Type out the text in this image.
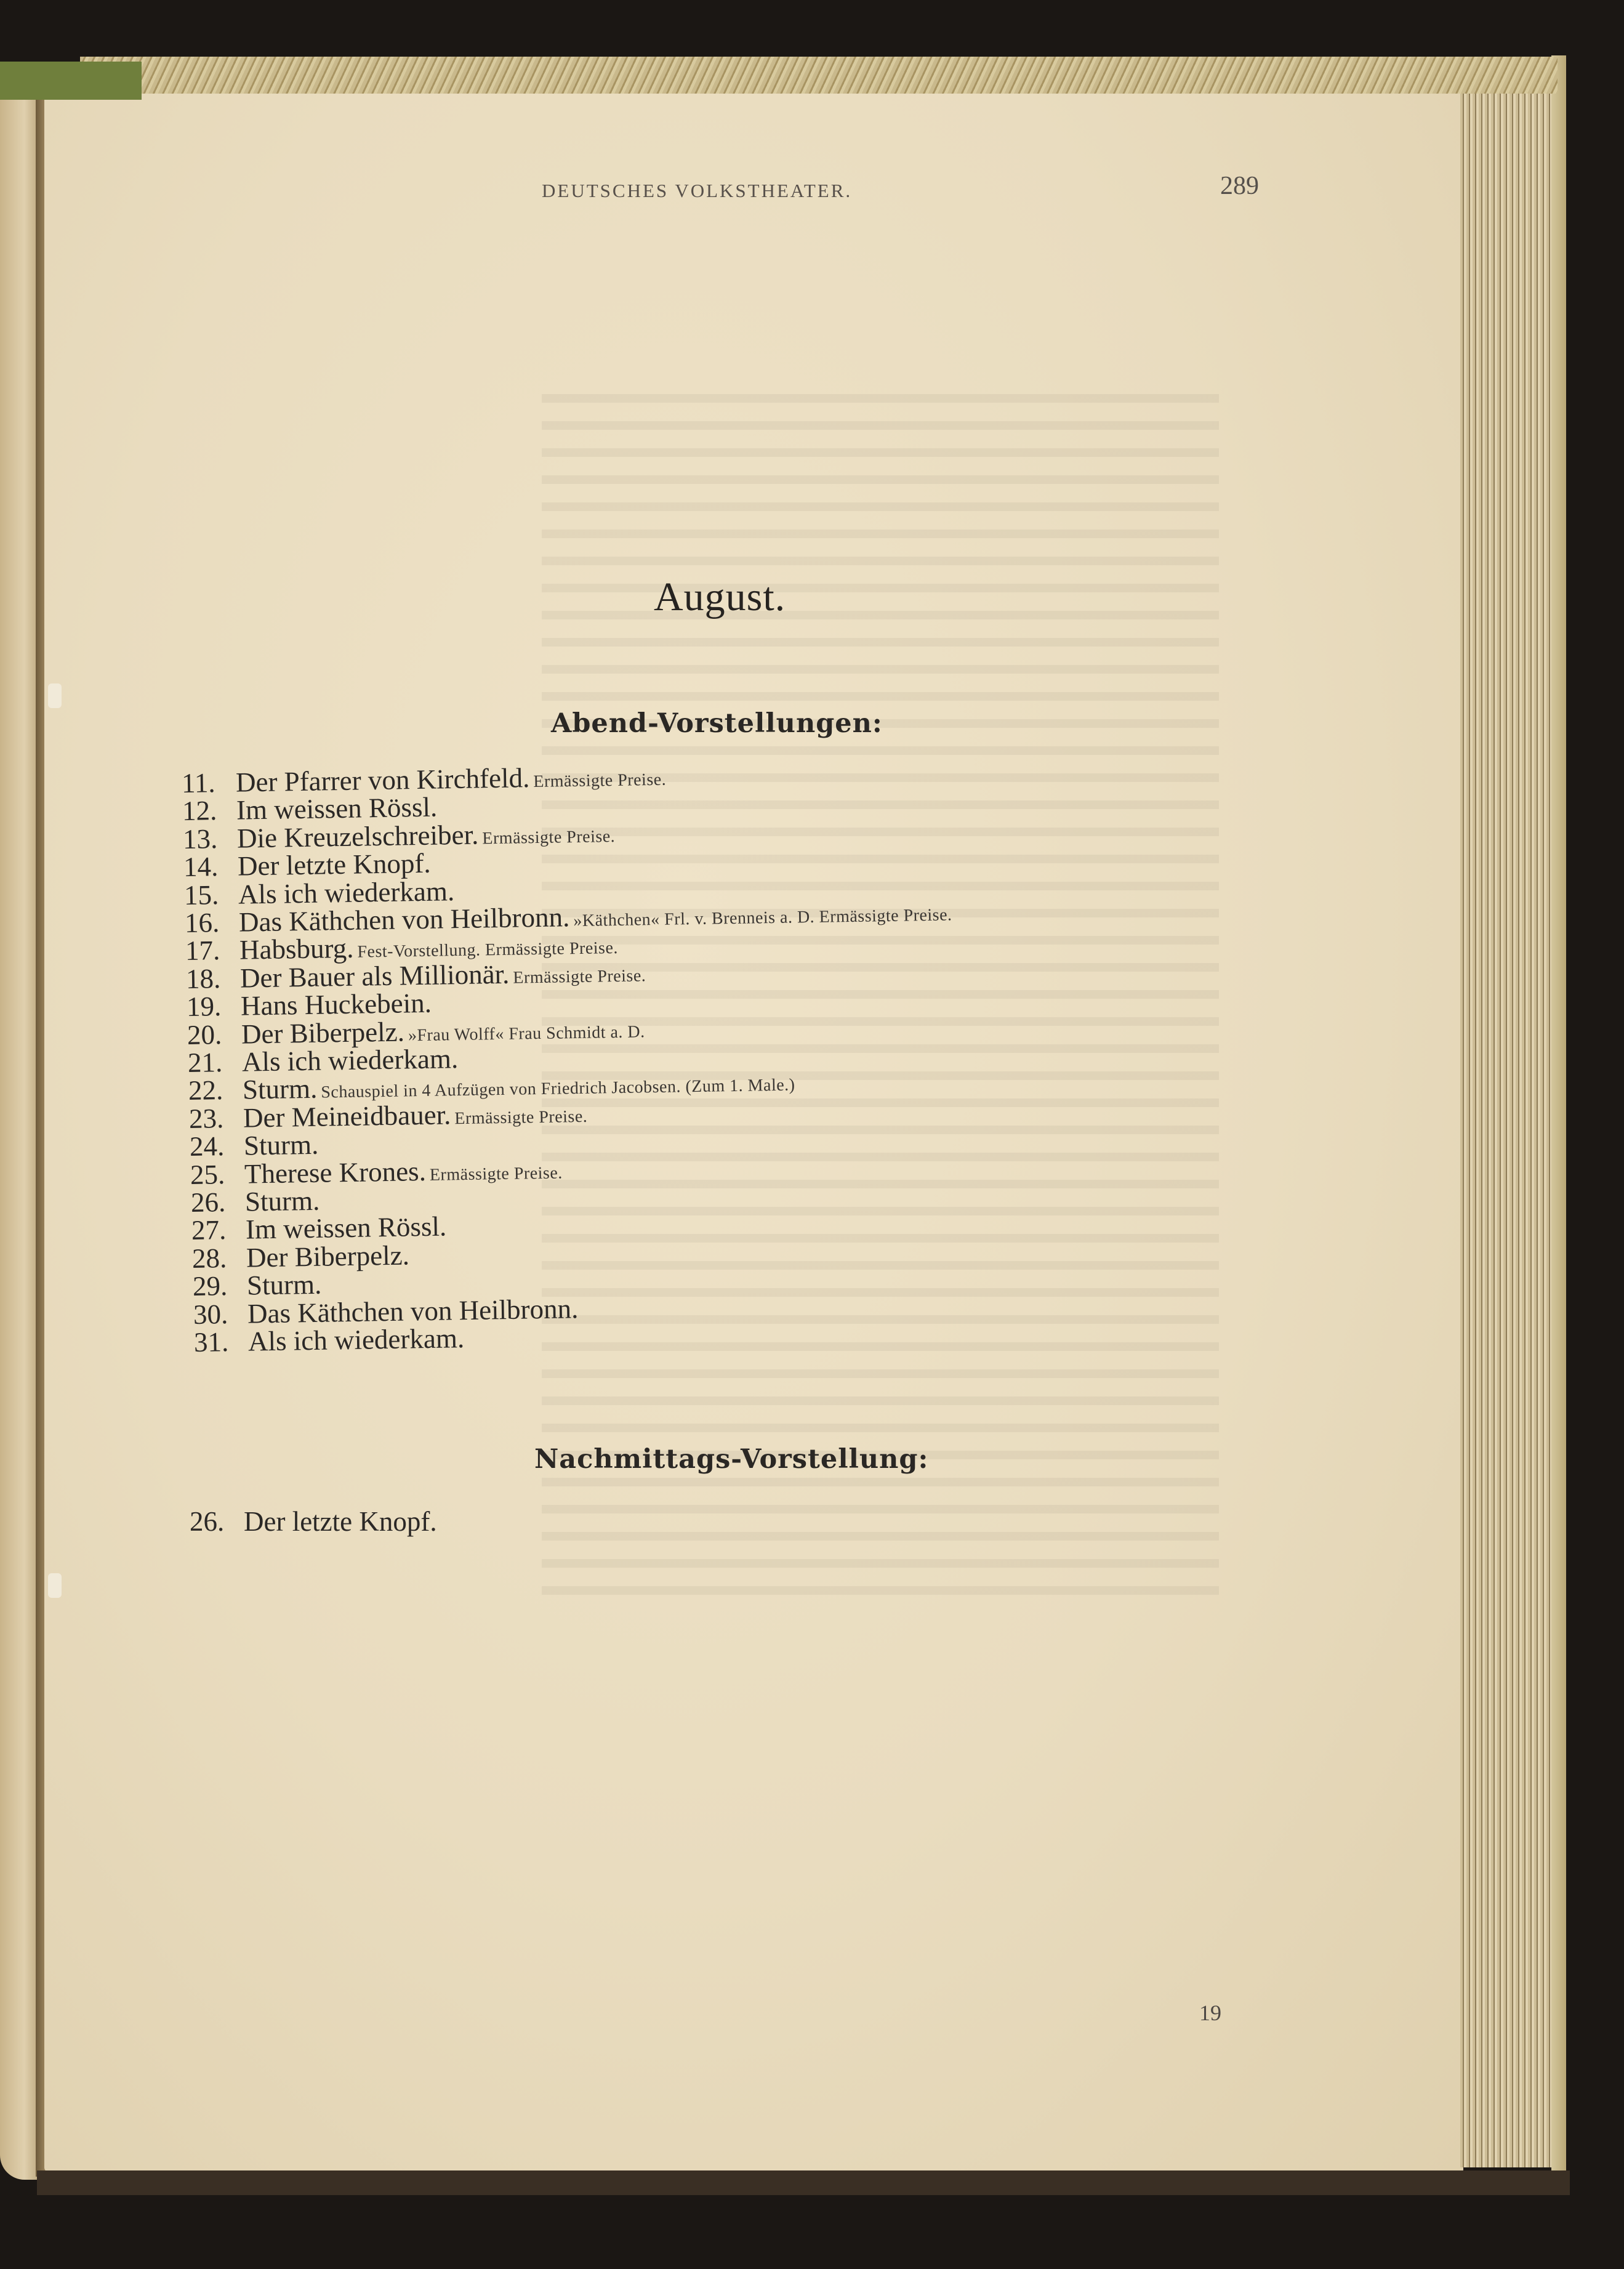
DEUTSCHES VOLKSTHEATER.	289
August.
Abend-Vorstellungen:
11. Der Pfarrer von Kirchfeld. Ermässigte Preise.
12. Im weissen Rössl.
13. Die Kreuzelschreiber. Ermässigte Preise.
14. Der letzte Knopf.
15. Als ich wiederkam.
16. Das Käthchen von Heilbronn. »Käthchen« Frl. v. Brenneis a. D. Ermässigte Preise.
17. Habsburg. Fest-Vorstellung. Ermässigte Preise.
18. Der Bauer als Millionär. Ermässigte Preise.
19. Hans Huckebein.
20. Der Biberpelz. »Frau Wolff« Frau Schmidt a. D.
21. Als ich wiederkam.
22. Sturm. Schauspiel in 4 Aufzügen von Friedrich Jacobsen. (Zum 1. Male.)
23. Der Meineidbauer. Ermässigte Preise.
24. Sturm.
25. Therese Krones. Ermässigte Preise.
26. Sturm.
27. Im weissen Rössl.
28. Der Biberpelz.
29. Sturm.
30. Das Käthchen von Heilbronn.
31. Als ich wiederkam.
Nachmittags-Vorstellung:
26. Der letzte Knopf.
19
